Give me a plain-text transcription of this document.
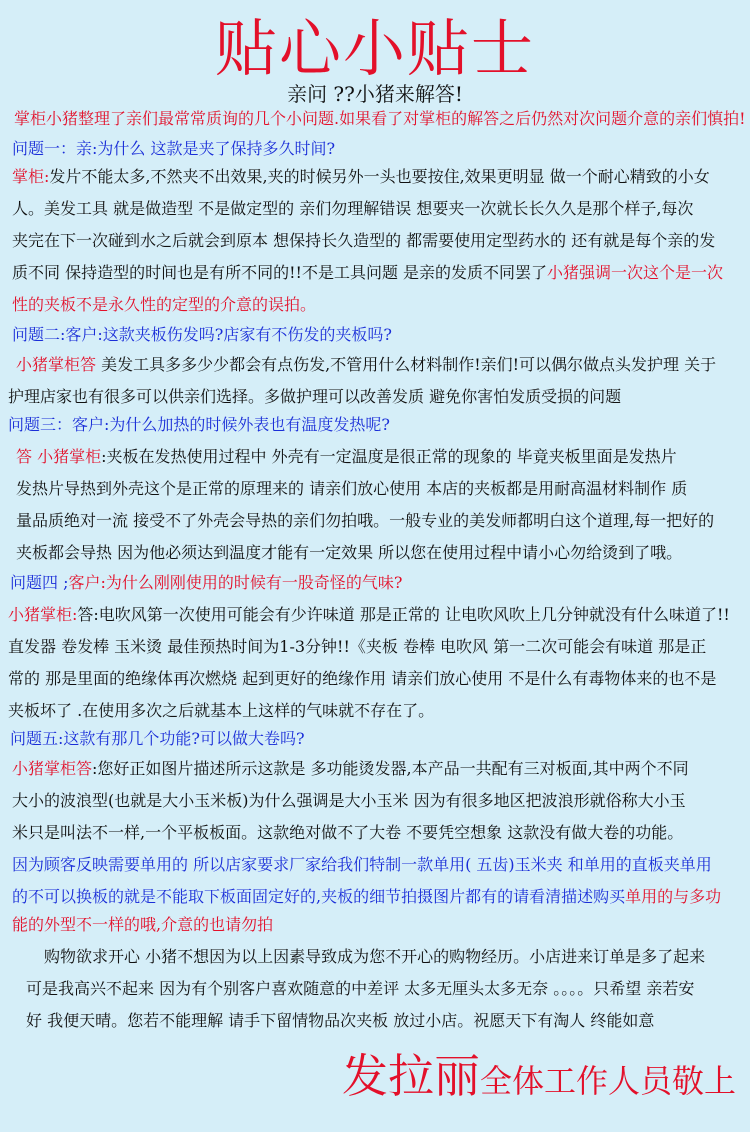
贴心小贴士
亲问 ??小猪来解答!
掌柜小猪整理了亲们最常常质询的几个小问题.如果看了对掌柜的解答之后仍然对次问题介意的亲们慎拍!
问题一：亲:为什么 这款是夹了保持多久时间?
掌柜:发片不能太多,不然夹不出效果,夹的时候另外一头也要按住,效果更明显 做一个耐心精致的小女
人。美发工具 就是做造型 不是做定型的 亲们勿理解错误 想要夹一次就长长久久是那个样子,每次
夹完在下一次碰到水之后就会到原本 想保持长久造型的 都需要使用定型药水的 还有就是每个亲的发
质不同 保持造型的时间也是有所不同的!!不是工具问题 是亲的发质不同罢了小猪强调一次这个是一次
性的夹板不是永久性的定型的介意的误拍。
问题二:客户:这款夹板伤发吗?店家有不伤发的夹板吗?
小猪掌柜答 美发工具多多少少都会有点伤发,不管用什么材料制作!亲们!可以偶尔做点头发护理 关于
护理店家也有很多可以供亲们选择。多做护理可以改善发质 避免你害怕发质受损的问题
问题三：客户:为什么加热的时候外表也有温度发热呢?
答 小猪掌柜:夹板在发热使用过程中 外壳有一定温度是很正常的现象的 毕竟夹板里面是发热片
发热片导热到外壳这个是正常的原理来的 请亲们放心使用 本店的夹板都是用耐高温材料制作 质
量品质绝对一流 接受不了外壳会导热的亲们勿拍哦。一般专业的美发师都明白这个道理,每一把好的
夹板都会导热 因为他必须达到温度才能有一定效果 所以您在使用过程中请小心勿给烫到了哦。
问题四 ;客户:为什么刚刚使用的时候有一股奇怪的气味?
小猪掌柜:答:电吹风第一次使用可能会有少许味道 那是正常的 让电吹风吹上几分钟就没有什么味道了!!
直发器 卷发棒 玉米烫 最佳预热时间为1-3分钟!!《夹板 卷棒 电吹风 第一二次可能会有味道 那是正
常的 那是里面的绝缘体再次燃烧 起到更好的绝缘作用 请亲们放心使用 不是什么有毒物体来的也不是
夹板坏了 .在使用多次之后就基本上这样的气味就不存在了。
问题五:这款有那几个功能?可以做大卷吗?
小猪掌柜答:您好正如图片描述所示这款是 多功能烫发器,本产品一共配有三对板面,其中两个不同
大小的波浪型(也就是大小玉米板)为什么强调是大小玉米 因为有很多地区把波浪形就俗称大小玉
米只是叫法不一样,一个平板板面。这款绝对做不了大卷 不要凭空想象 这款没有做大卷的功能。
因为顾客反映需要单用的 所以店家要求厂家给我们特制一款单用( 五齿)玉米夹 和单用的直板夹单用
的不可以换板的就是不能取下板面固定好的,夹板的细节拍摄图片都有的请看清描述购买单用的与多功
能的外型不一样的哦,介意的也请勿拍
购物欲求开心 小猪不想因为以上因素导致成为您不开心的购物经历。小店进来订单是多了起来
可是我高兴不起来 因为有个别客户喜欢随意的中差评 太多无厘头太多无奈 。。。。只希望 亲若安
好 我便天晴。您若不能理解 请手下留情物品次夹板 放过小店。祝愿天下有淘人 终能如意
发拉丽全体工作人员敬上
